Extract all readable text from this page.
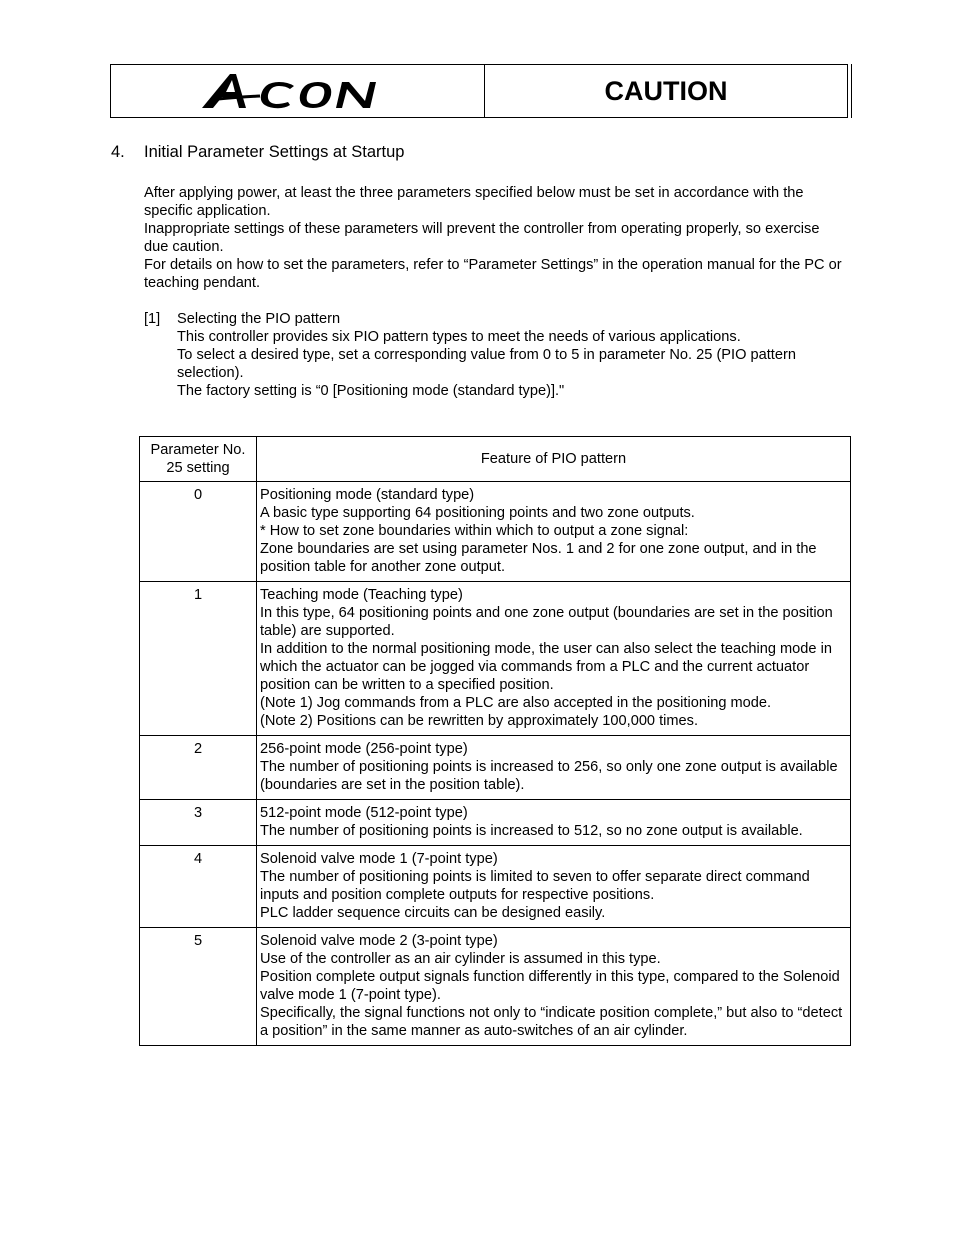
CAUTION
4. Initial Parameter Settings at Startup

After applying power, at least the three parameters specified below must be set in accordance with the specific application.

Inappropriate settings of these parameters will prevent the controller from operating properly, so exercise due caution.

For details on how to set the parameters, refer to “Parameter Settings” in the operation manual for the PC or teaching pendant.

[1] Selecting the PIO pattern

This controller provides six PIO pattern types to meet the needs of various applications.

To select a desired type, set a corresponding value from 0 to 5 in parameter No. 25 (PIO pattern selection).

The factory setting is “0 [Positioning mode (standard type)]."

Parameter No.
25 setting	Feature of PIO pattern
0	Positioning mode (standard type)
A basic type supporting 64 positioning points and two zone outputs.
* How to set zone boundaries within which to output a zone signal:
Zone boundaries are set using parameter Nos. 1 and 2 for one zone output, and in the position table for another zone output.

1	Teaching mode (Teaching type)
In this type, 64 positioning points and one zone output (boundaries are set in the position table) are supported.
In addition to the normal positioning mode, the user can also select the teaching mode in which the actuator can be jogged via commands from a PLC and the current actuator position can be written to a specified position.
(Note 1) Jog commands from a PLC are also accepted in the positioning mode.
(Note 2) Positions can be rewritten by approximately 100,000 times.

2	256-point mode (256-point type)
The number of positioning points is increased to 256, so only one zone output is available (boundaries are set in the position table).

3	512-point mode (512-point type)
The number of positioning points is increased to 512, so no zone output is available.

4	Solenoid valve mode 1 (7-point type)
The number of positioning points is limited to seven to offer separate direct command inputs and position complete outputs for respective positions.
PLC ladder sequence circuits can be designed easily.

5	Solenoid valve mode 2 (3-point type)
Use of the controller as an air cylinder is assumed in this type.
Position complete output signals function differently in this type, compared to the Solenoid valve mode 1 (7-point type).
Specifically, the signal functions not only to “indicate position complete,” but also to “detect a position” in the same manner as auto-switches of an air cylinder.
